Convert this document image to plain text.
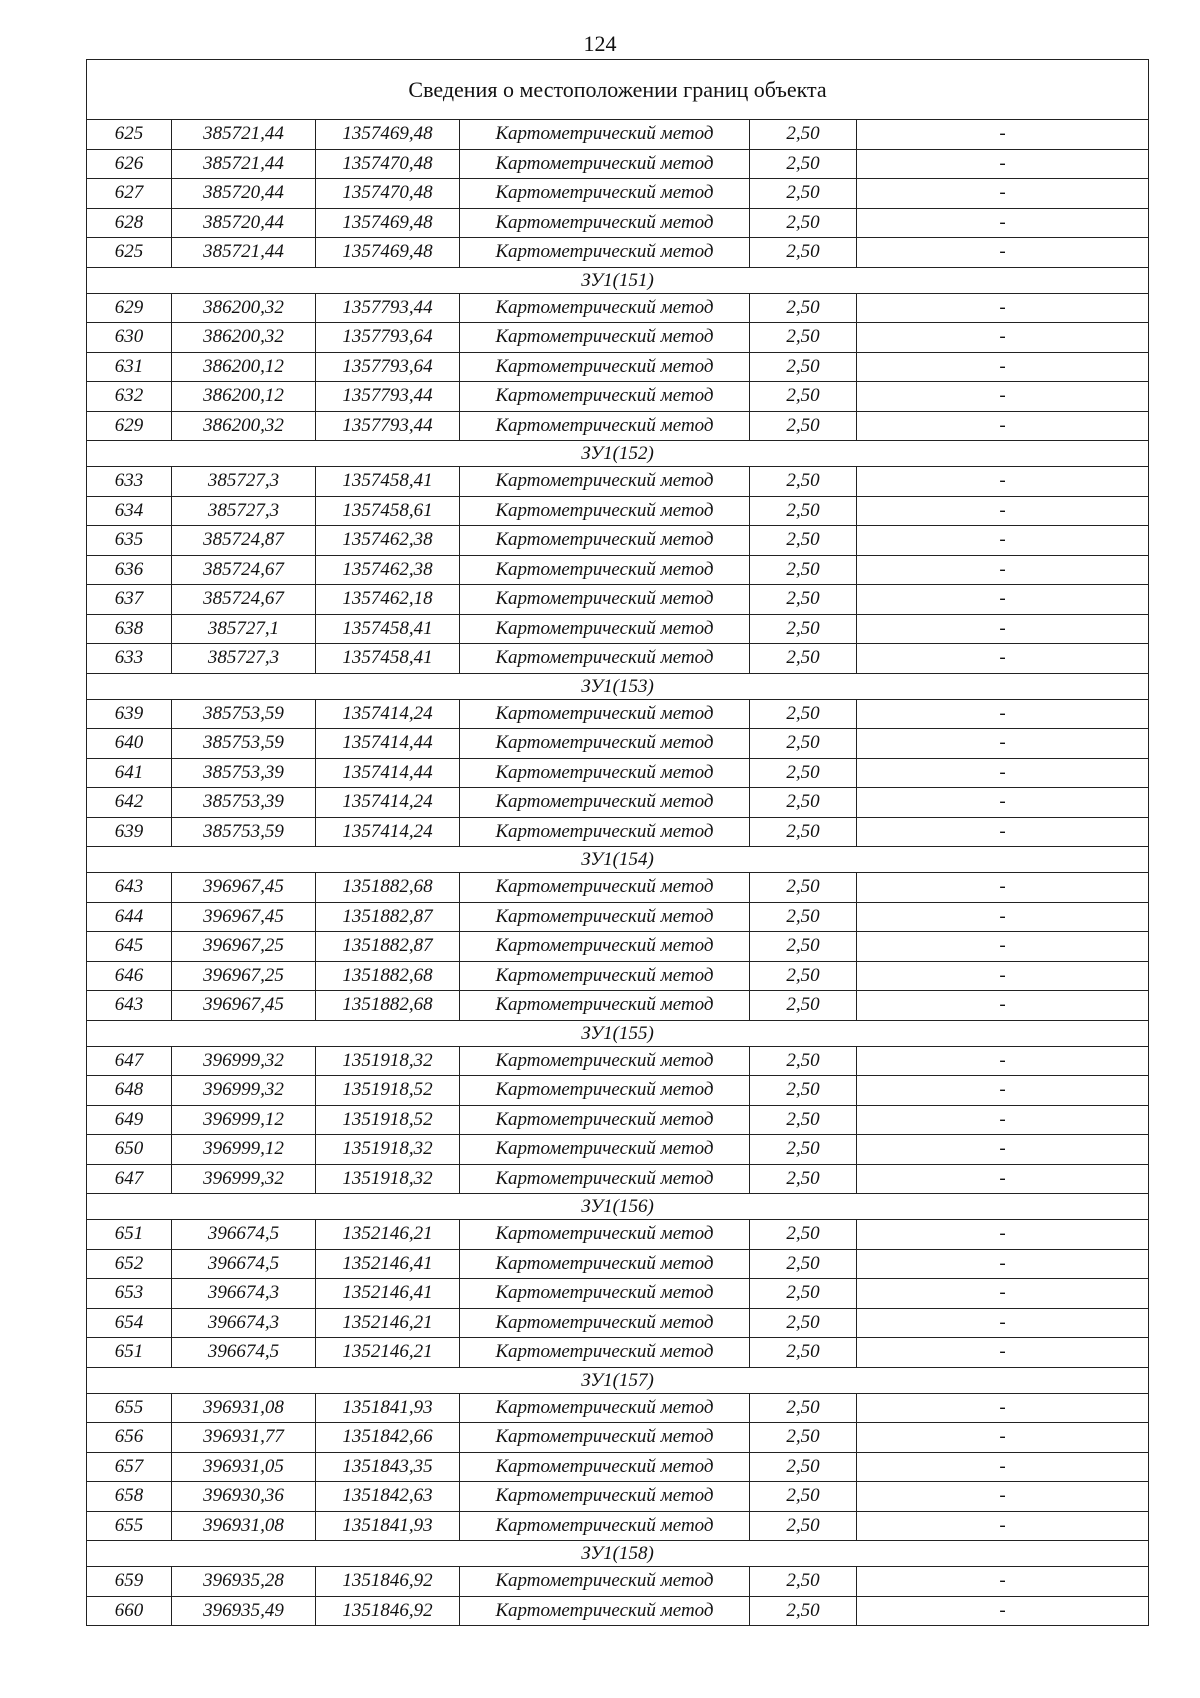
124
Сведения о местоположении границ объекта					
625	385721,44	1357469,48	Картометрический метод	2,50	-
626	385721,44	1357470,48	Картометрический метод	2,50	-
627	385720,44	1357470,48	Картометрический метод	2,50	-
628	385720,44	1357469,48	Картометрический метод	2,50	-
625	385721,44	1357469,48	Картометрический метод	2,50	-
ЗУ1(151)					
629	386200,32	1357793,44	Картометрический метод	2,50	-
630	386200,32	1357793,64	Картометрический метод	2,50	-
631	386200,12	1357793,64	Картометрический метод	2,50	-
632	386200,12	1357793,44	Картометрический метод	2,50	-
629	386200,32	1357793,44	Картометрический метод	2,50	-
ЗУ1(152)					
633	385727,3	1357458,41	Картометрический метод	2,50	-
634	385727,3	1357458,61	Картометрический метод	2,50	-
635	385724,87	1357462,38	Картометрический метод	2,50	-
636	385724,67	1357462,38	Картометрический метод	2,50	-
637	385724,67	1357462,18	Картометрический метод	2,50	-
638	385727,1	1357458,41	Картометрический метод	2,50	-
633	385727,3	1357458,41	Картометрический метод	2,50	-
ЗУ1(153)					
639	385753,59	1357414,24	Картометрический метод	2,50	-
640	385753,59	1357414,44	Картометрический метод	2,50	-
641	385753,39	1357414,44	Картометрический метод	2,50	-
642	385753,39	1357414,24	Картометрический метод	2,50	-
639	385753,59	1357414,24	Картометрический метод	2,50	-
ЗУ1(154)					
643	396967,45	1351882,68	Картометрический метод	2,50	-
644	396967,45	1351882,87	Картометрический метод	2,50	-
645	396967,25	1351882,87	Картометрический метод	2,50	-
646	396967,25	1351882,68	Картометрический метод	2,50	-
643	396967,45	1351882,68	Картометрический метод	2,50	-
ЗУ1(155)					
647	396999,32	1351918,32	Картометрический метод	2,50	-
648	396999,32	1351918,52	Картометрический метод	2,50	-
649	396999,12	1351918,52	Картометрический метод	2,50	-
650	396999,12	1351918,32	Картометрический метод	2,50	-
647	396999,32	1351918,32	Картометрический метод	2,50	-
ЗУ1(156)					
651	396674,5	1352146,21	Картометрический метод	2,50	-
652	396674,5	1352146,41	Картометрический метод	2,50	-
653	396674,3	1352146,41	Картометрический метод	2,50	-
654	396674,3	1352146,21	Картометрический метод	2,50	-
651	396674,5	1352146,21	Картометрический метод	2,50	-
ЗУ1(157)					
655	396931,08	1351841,93	Картометрический метод	2,50	-
656	396931,77	1351842,66	Картометрический метод	2,50	-
657	396931,05	1351843,35	Картометрический метод	2,50	-
658	396930,36	1351842,63	Картометрический метод	2,50	-
655	396931,08	1351841,93	Картометрический метод	2,50	-
ЗУ1(158)					
659	396935,28	1351846,92	Картометрический метод	2,50	-
660	396935,49	1351846,92	Картометрический метод	2,50	-
